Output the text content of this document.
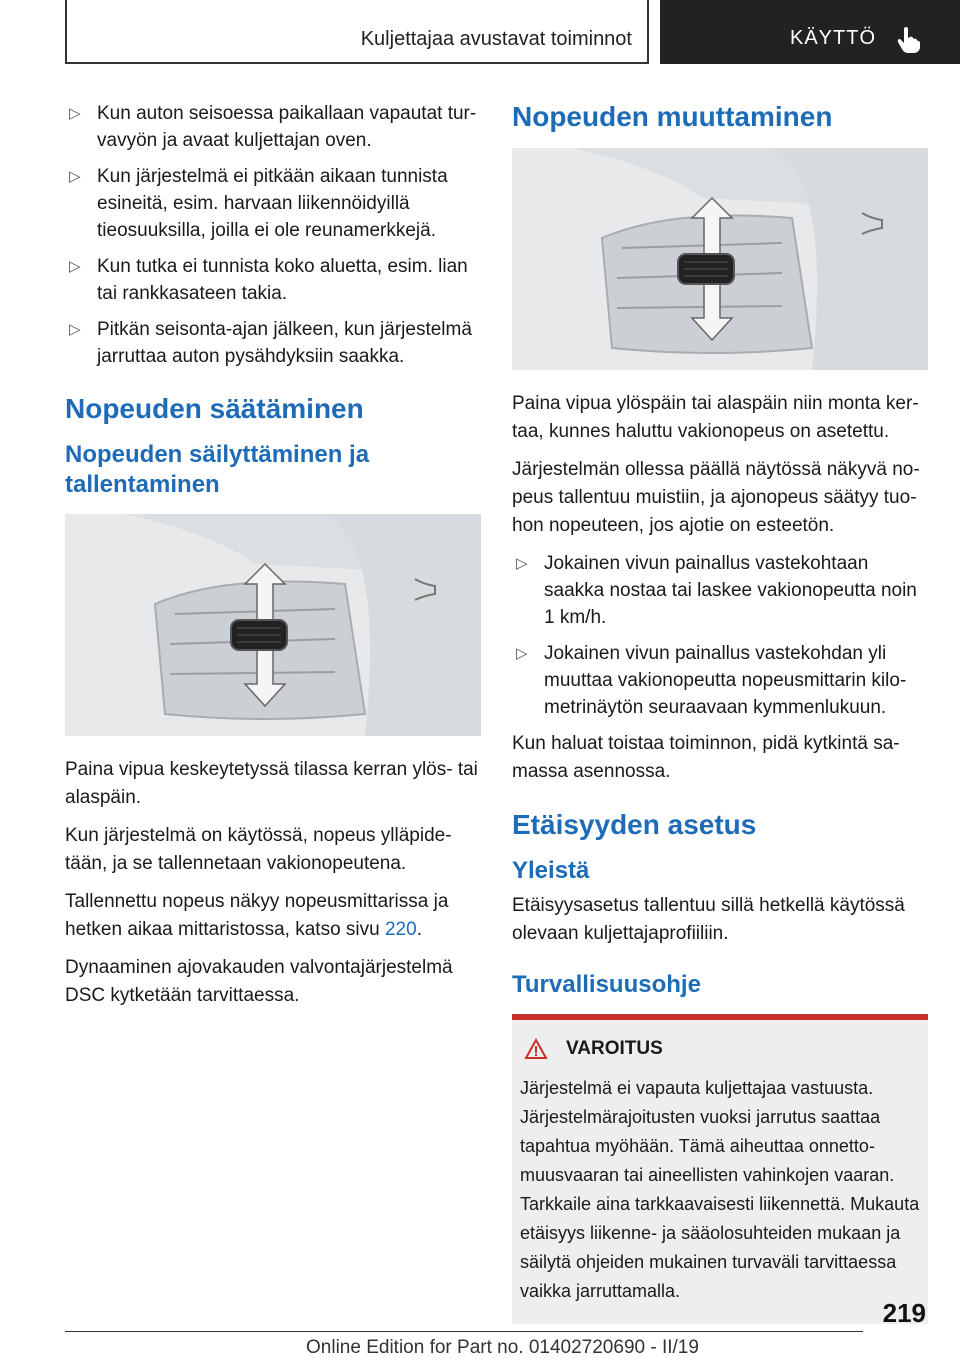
Kuljettajaa avustavat toiminnot	KÄYTTÖ
▷ Kun auton seisoessa paikallaan vapautat turvavyön ja avaat kuljettajan oven.
▷ Kun järjestelmä ei pitkään aikaan tunnista esineitä, esim. harvaan liikennöidyillä tieosuuksilla, joilla ei ole reunamerkkejä.
▷ Kun tutka ei tunnista koko aluetta, esim. lian tai rankkasateen takia.
▷ Pitkän seisonta-ajan jälkeen, kun järjestelmä jarruttaa auton pysähdyksiin saakka.
Nopeuden säätäminen
Nopeuden säilyttäminen ja tallentaminen

Paina vipua keskeytetyssä tilassa kerran ylös- tai alaspäin.

Kun järjestelmä on käytössä, nopeus ylläpidetään, ja se tallennetaan vakionopeutena.

Tallennettu nopeus näkyy nopeusmittarissa ja hetken aikaa mittaristossa, katso sivu 220.

Dynaaminen ajovakauden valvontajärjestelmä DSC kytketään tarvittaessa.

Nopeuden muuttaminen

Paina vipua ylöspäin tai alaspäin niin monta kertaa, kunnes haluttu vakionopeus on asetettu.

Järjestelmän ollessa päällä näytössä näkyvä nopeus tallentuu muistiin, ja ajonopeus säätyy tuohon nopeuteen, jos ajotie on esteetön.

▷ Jokainen vivun painallus vastekohtaan saakka nostaa tai laskee vakionopeutta noin 1 km/h.
▷ Jokainen vivun painallus vastekohdan yli muuttaa vakionopeutta nopeusmittarin kilometrinäytön seuraavaan kymmenlukuun.

Kun haluat toistaa toiminnon, pidä kytkintä samassa asennossa.

Etäisyyden asetus
Yleistä

Etäisyysasetus tallentuu sillä hetkellä käytössä olevaan kuljettajaprofiiliin.

Turvallisuusohje
VAROITUS

Järjestelmä ei vapauta kuljettajaa vastuusta. Järjestelmärajoitusten vuoksi jarrutus saattaa tapahtua myöhään. Tämä aiheuttaa onnettomuusvaaran tai aineellisten vahinkojen vaaran. Tarkkaile aina tarkkaavaisesti liikennettä. Mukauta etäisyys liikenne- ja sääolosuhteiden mukaan ja säilytä ohjeiden mukainen turvaväli tarvittaessa vaikka jarruttamalla.

219
Online Edition for Part no. 01402720690 - II/19
